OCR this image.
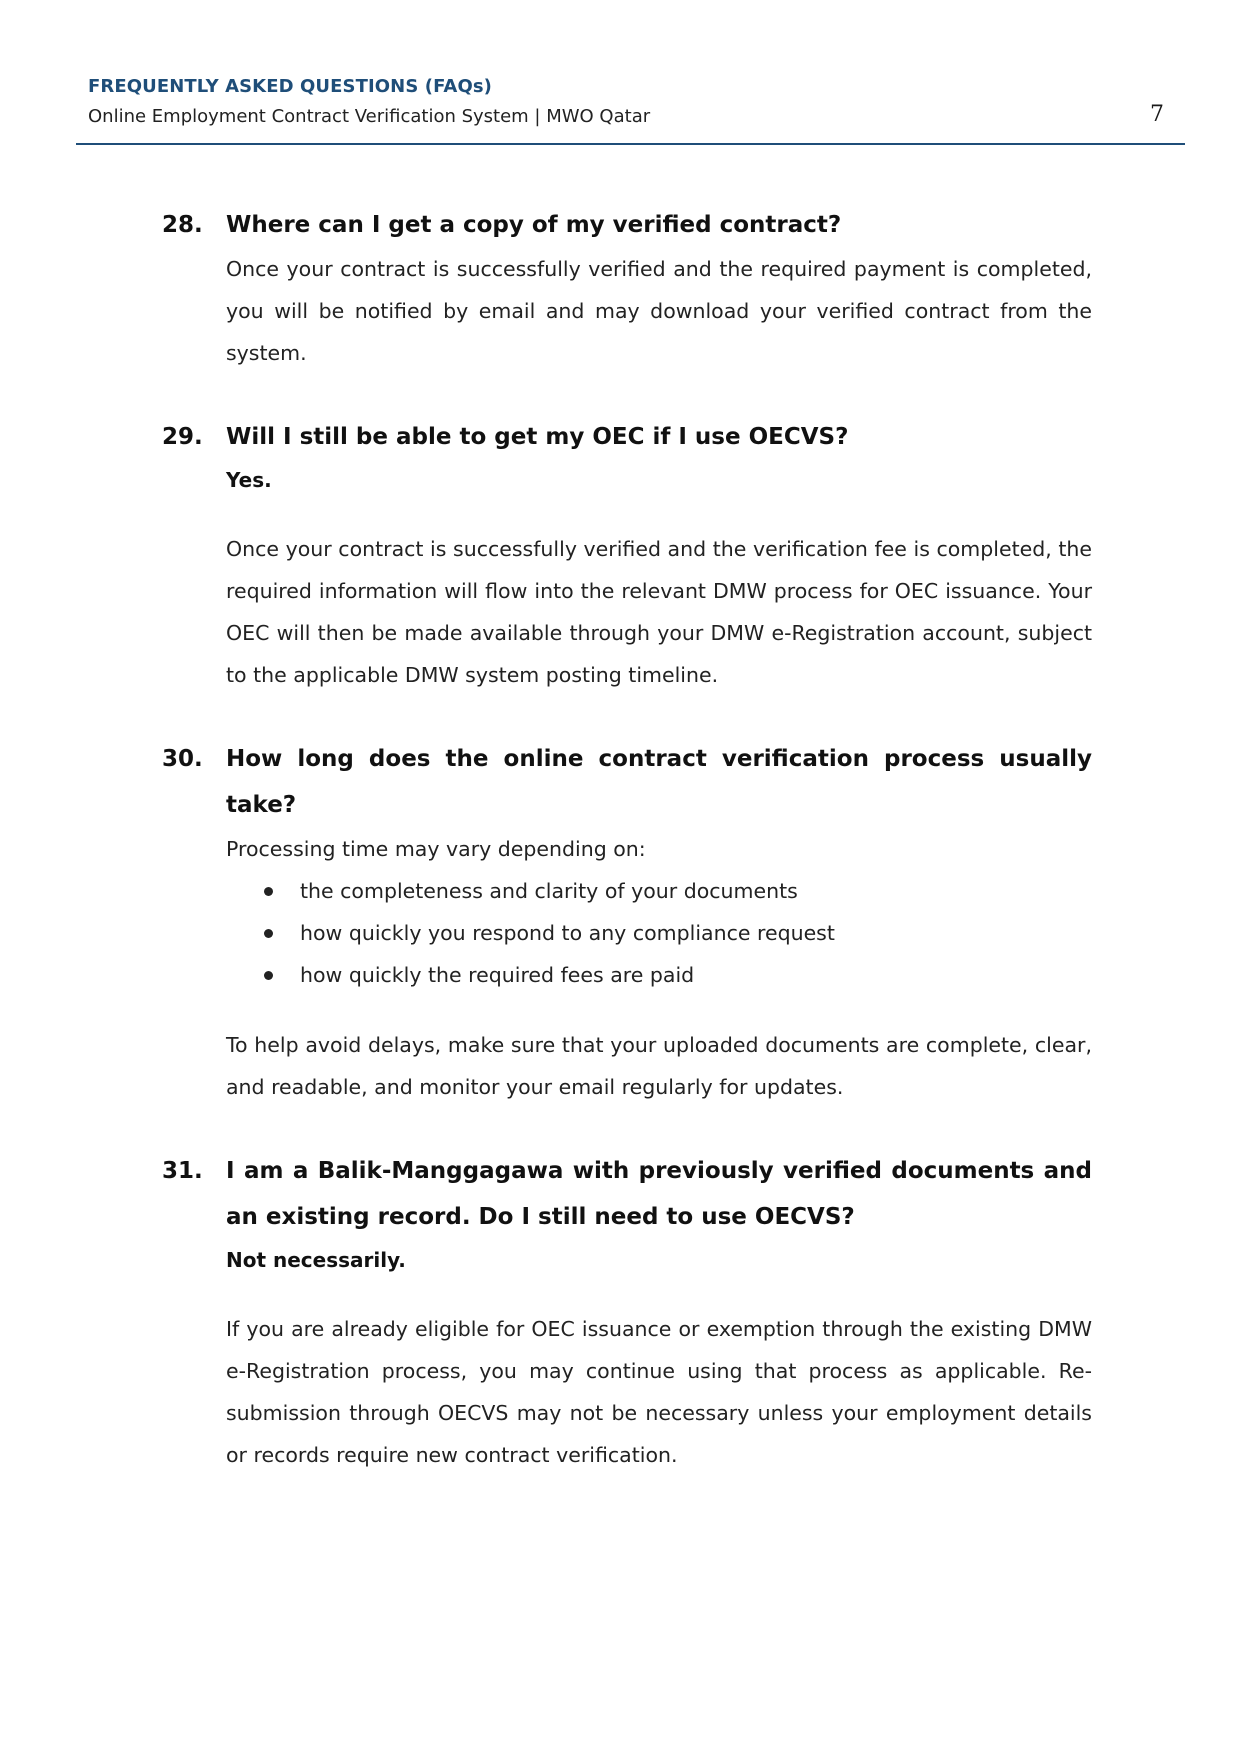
FREQUENTLY ASKED QUESTIONS (FAQs)
Online Employment Contract Verification System | MWO Qatar	7
28. Where can I get a copy of my verified contract?
Once your contract is successfully verified and the required payment is completed, you will be notified by email and may download your verified contract from the system.
29. Will I still be able to get my OEC if I use OECVS?
Yes.
Once your contract is successfully verified and the verification fee is completed, the required information will flow into the relevant DMW process for OEC issuance. Your OEC will then be made available through your DMW e-Registration account, subject to the applicable DMW system posting timeline.
30. How long does the online contract verification process usually take?
Processing time may vary depending on:
the completeness and clarity of your documents
how quickly you respond to any compliance request
how quickly the required fees are paid
To help avoid delays, make sure that your uploaded documents are complete, clear, and readable, and monitor your email regularly for updates.
31. I am a Balik-Manggagawa with previously verified documents and an existing record. Do I still need to use OECVS?
Not necessarily.
If you are already eligible for OEC issuance or exemption through the existing DMW e-Registration process, you may continue using that process as applicable. Re-submission through OECVS may not be necessary unless your employment details or records require new contract verification.
